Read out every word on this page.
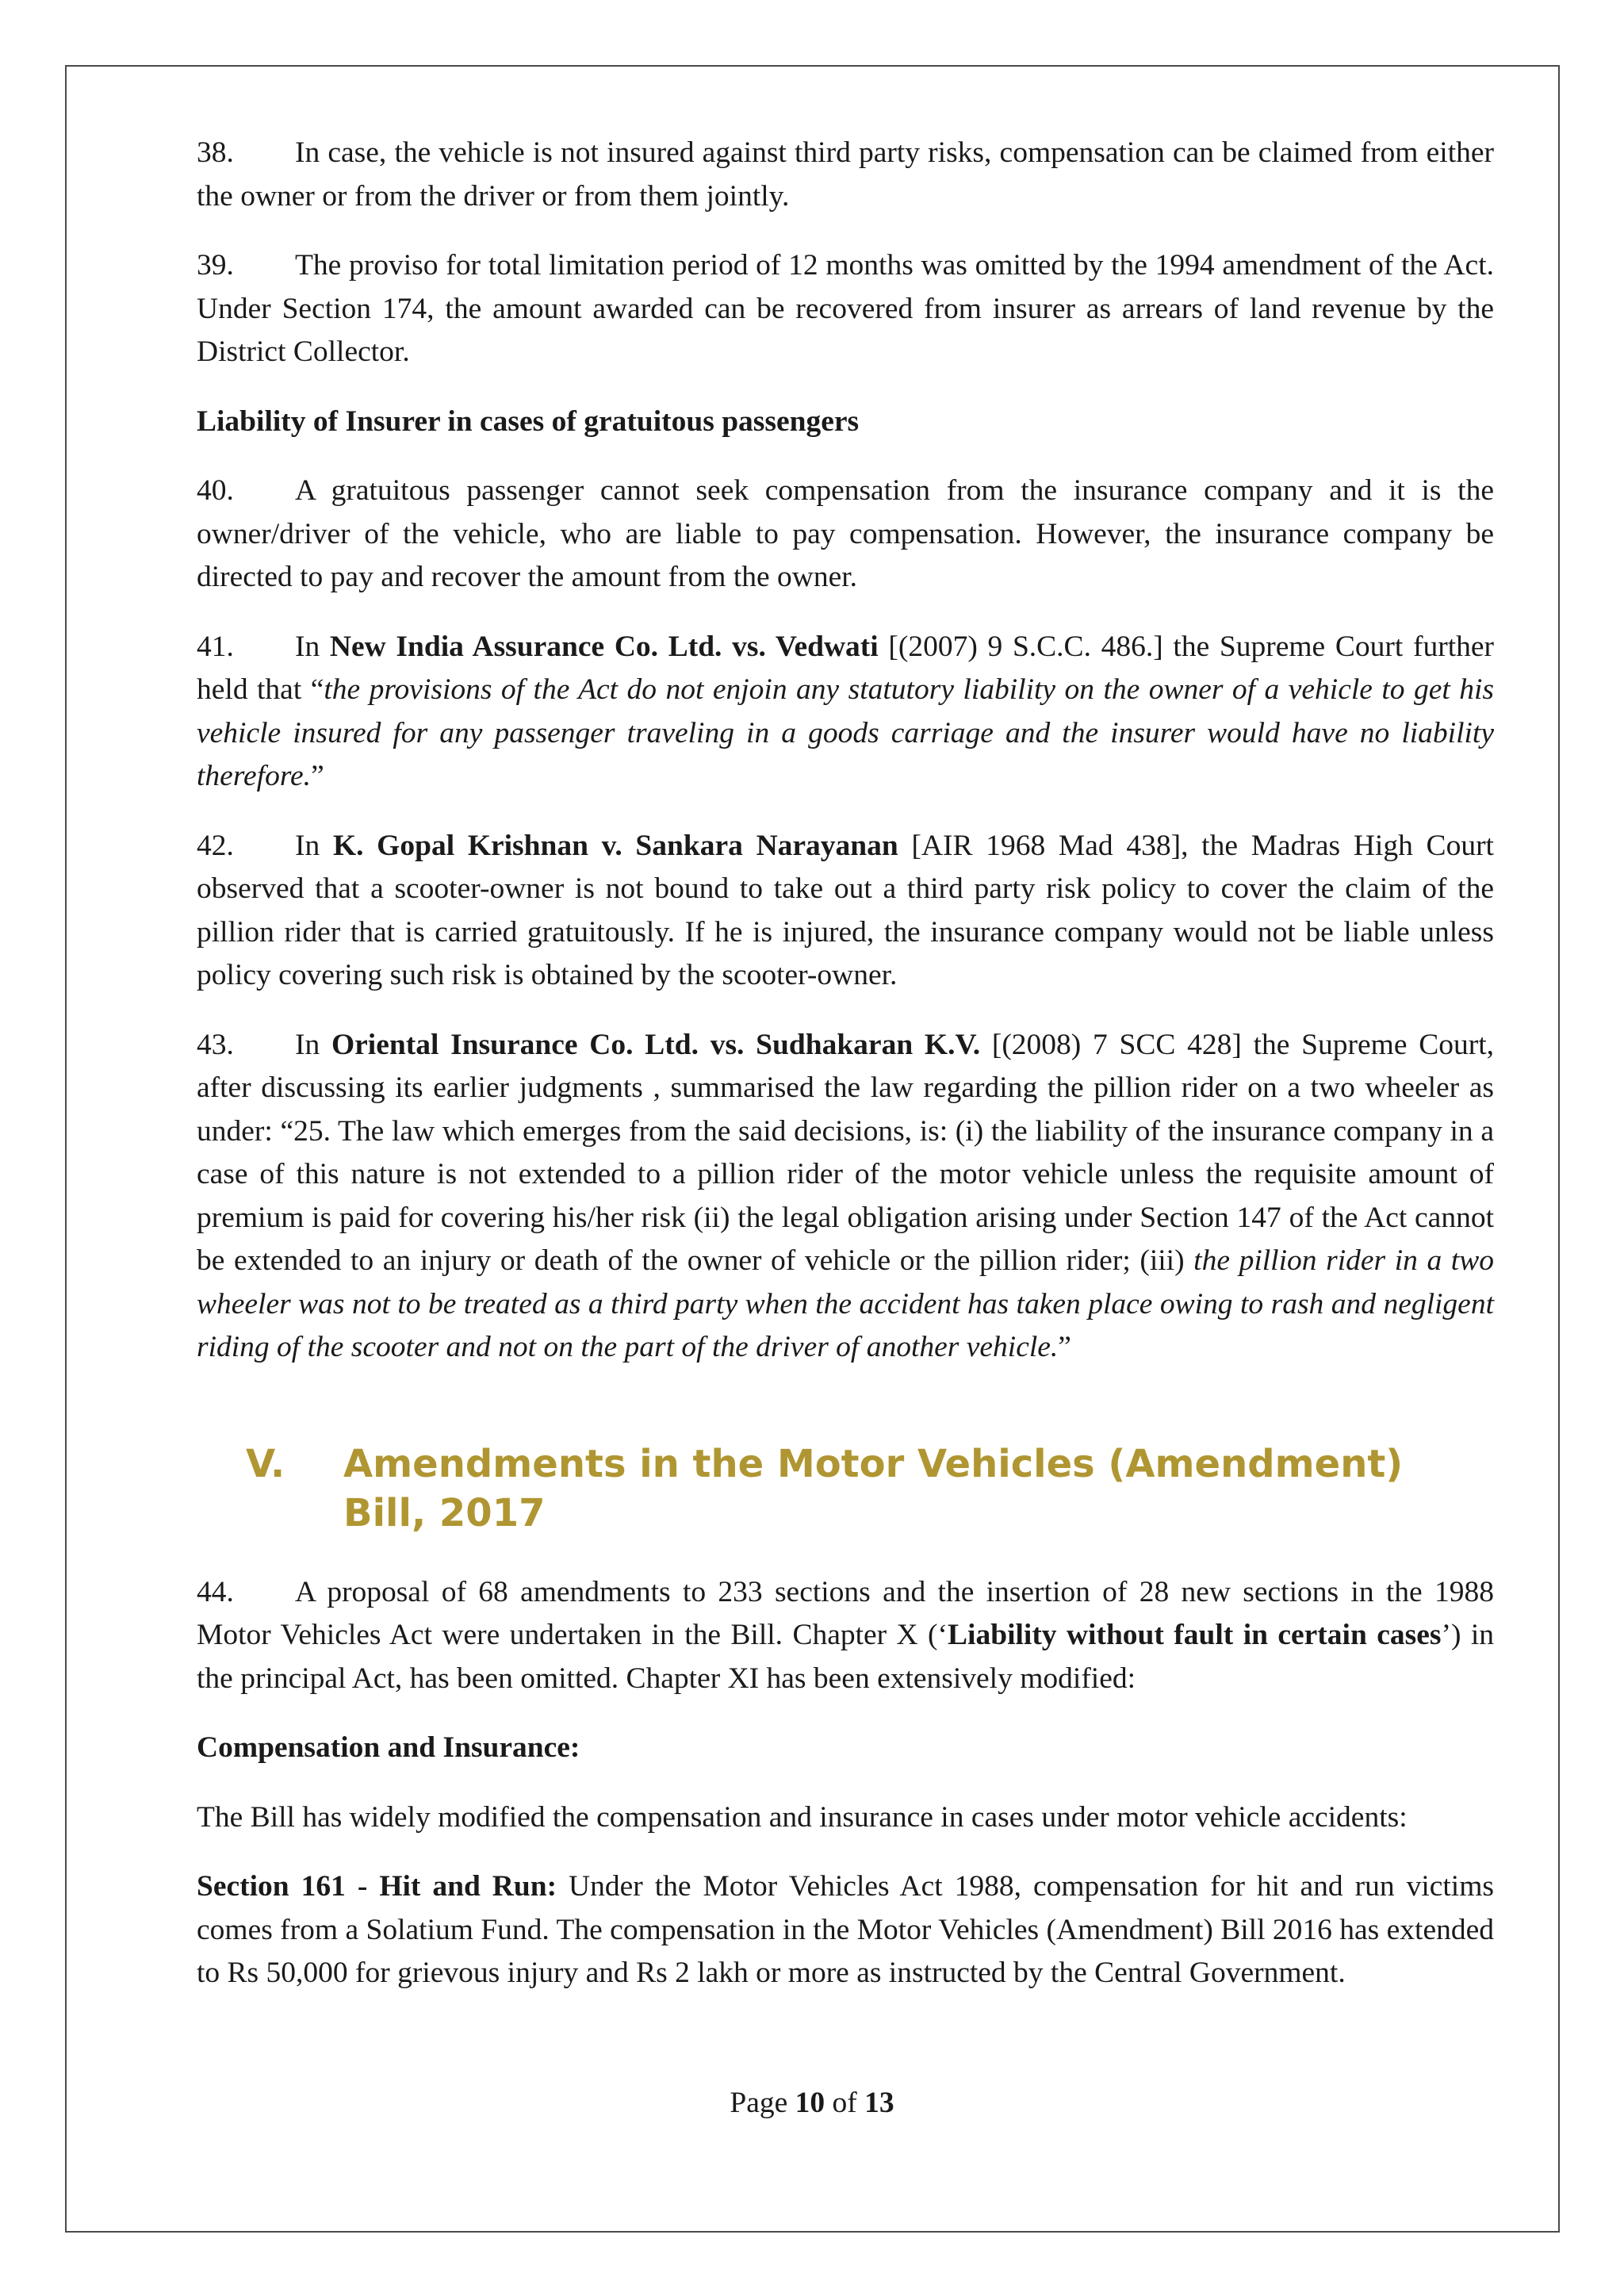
38. In case, the vehicle is not insured against third party risks, compensation can be claimed from either the owner or from the driver or from them jointly.

39. The proviso for total limitation period of 12 months was omitted by the 1994 amendment of the Act. Under Section 174, the amount awarded can be recovered from insurer as arrears of land revenue by the District Collector.

Liability of Insurer in cases of gratuitous passengers

40. A gratuitous passenger cannot seek compensation from the insurance company and it is the owner/driver of the vehicle, who are liable to pay compensation. However, the insurance company be directed to pay and recover the amount from the owner.

41. In New India Assurance Co. Ltd. vs. Vedwati [(2007) 9 S.C.C. 486.] the Supreme Court further held that “the provisions of the Act do not enjoin any statutory liability on the owner of a vehicle to get his vehicle insured for any passenger traveling in a goods carriage and the insurer would have no liability therefore.”

42. In K. Gopal Krishnan v. Sankara Narayanan [AIR 1968 Mad 438], the Madras High Court observed that a scooter-owner is not bound to take out a third party risk policy to cover the claim of the pillion rider that is carried gratuitously. If he is injured, the insurance company would not be liable unless policy covering such risk is obtained by the scooter-owner.

43. In Oriental Insurance Co. Ltd. vs. Sudhakaran K.V. [(2008) 7 SCC 428] the Supreme Court, after discussing its earlier judgments , summarised the law regarding the pillion rider on a two wheeler as under: “25. The law which emerges from the said decisions, is: (i) the liability of the insurance company in a case of this nature is not extended to a pillion rider of the motor vehicle unless the requisite amount of premium is paid for covering his/her risk (ii) the legal obligation arising under Section 147 of the Act cannot be extended to an injury or death of the owner of vehicle or the pillion rider; (iii) the pillion rider in a two wheeler was not to be treated as a third party when the accident has taken place owing to rash and negligent riding of the scooter and not on the part of the driver of another vehicle.”

V.	Amendments in the Motor Vehicles (Amendment) Bill, 2017

44. A proposal of 68 amendments to 233 sections and the insertion of 28 new sections in the 1988 Motor Vehicles Act were undertaken in the Bill. Chapter X (‘Liability without fault in certain cases’) in the principal Act, has been omitted. Chapter XI has been extensively modified:

Compensation and Insurance:

The Bill has widely modified the compensation and insurance in cases under motor vehicle accidents:

Section 161 - Hit and Run: Under the Motor Vehicles Act 1988, compensation for hit and run victims comes from a Solatium Fund. The compensation in the Motor Vehicles (Amendment) Bill 2016 has extended to Rs 50,000 for grievous injury and Rs 2 lakh or more as instructed by the Central Government.

Page 10 of 13
